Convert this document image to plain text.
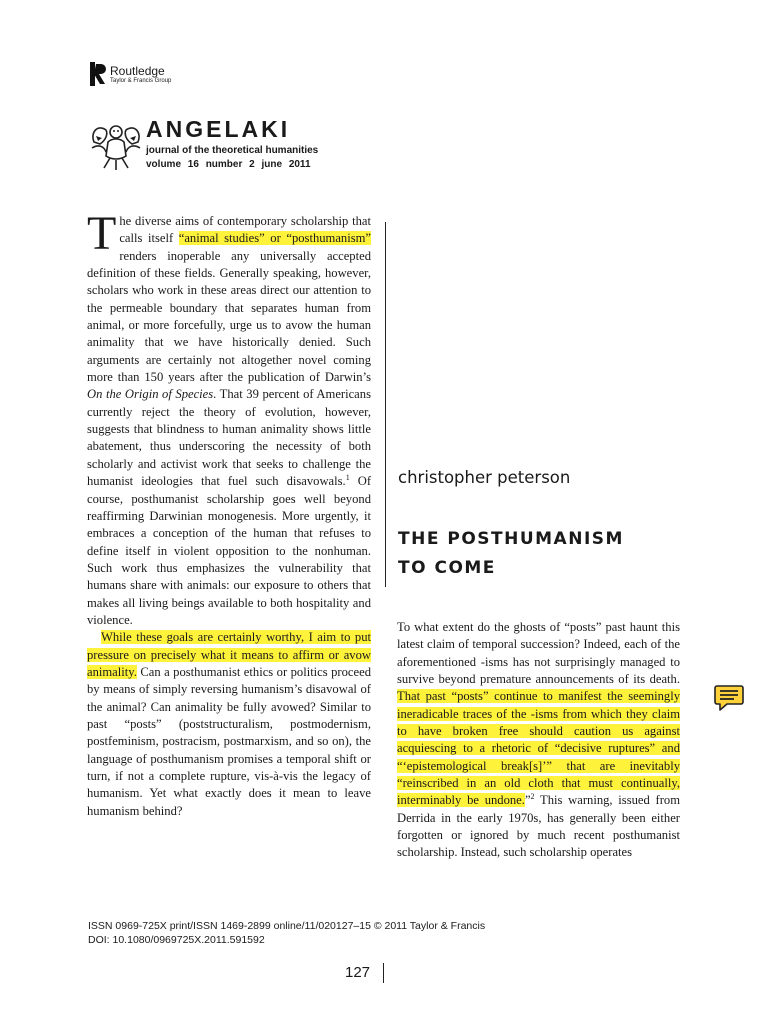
Routledge
Taylor & Francis Group
ANGELAKI
journal of the theoretical humanities
volume 16 number 2 june 2011

The diverse aims of contemporary scholarship that calls itself “animal studies” or “posthumanism” renders inoperable any universally accepted definition of these fields. Generally speaking, however, scholars who work in these areas direct our attention to the permeable boundary that separates human from animal, or more forcefully, urge us to avow the human animality that we have historically denied. Such arguments are certainly not altogether novel coming more than 150 years after the publication of Darwin’s On the Origin of Species. That 39 percent of Americans currently reject the theory of evolution, however, suggests that blindness to human animality shows little abatement, thus underscoring the necessity of both scholarly and activist work that seeks to challenge the humanist ideologies that fuel such disavowals.$^1$ Of course, posthumanist scholarship goes well beyond reaffirming Darwinian monogenesis. More urgently, it embraces a conception of the human that refuses to define itself in violent opposition to the nonhuman. Such work thus emphasizes the vulnerability that humans share with animals: our exposure to others that makes all living beings available to both hospitality and violence.

While these goals are certainly worthy, I aim to put pressure on precisely what it means to affirm or avow animality. Can a posthumanist ethics or politics proceed by means of simply reversing humanism’s disavowal of the animal? Can animality be fully avowed? Similar to past “posts” (poststructuralism, postmodernism, postfeminism, postracism, postmarxism, and so on), the language of posthumanism promises a temporal shift or turn, if not a complete rupture, vis-à-vis the legacy of humanism. Yet what exactly does it mean to leave humanism behind?

christopher peterson
THE POSTHUMANISM
TO COME

To what extent do the ghosts of “posts” past haunt this latest claim of temporal succession? Indeed, each of the aforementioned -isms has not surprisingly managed to survive beyond premature announcements of its death. That past “posts” continue to manifest the seemingly ineradicable traces of the -isms from which they claim to have broken free should caution us against acquiescing to a rhetoric of “decisive ruptures” and “‘epistemological break[s]’” that are inevitably “reinscribed in an old cloth that must continually, interminably be undone.”$^2$ This warning, issued from Derrida in the early 1970s, has generally been either forgotten or ignored by much recent posthumanist scholarship. Instead, such scholarship operates

ISSN 0969-725X print/ISSN 1469-2899 online/11/020127–15 © 2011 Taylor & Francis
DOI: 10.1080/0969725X.2011.591592
127
